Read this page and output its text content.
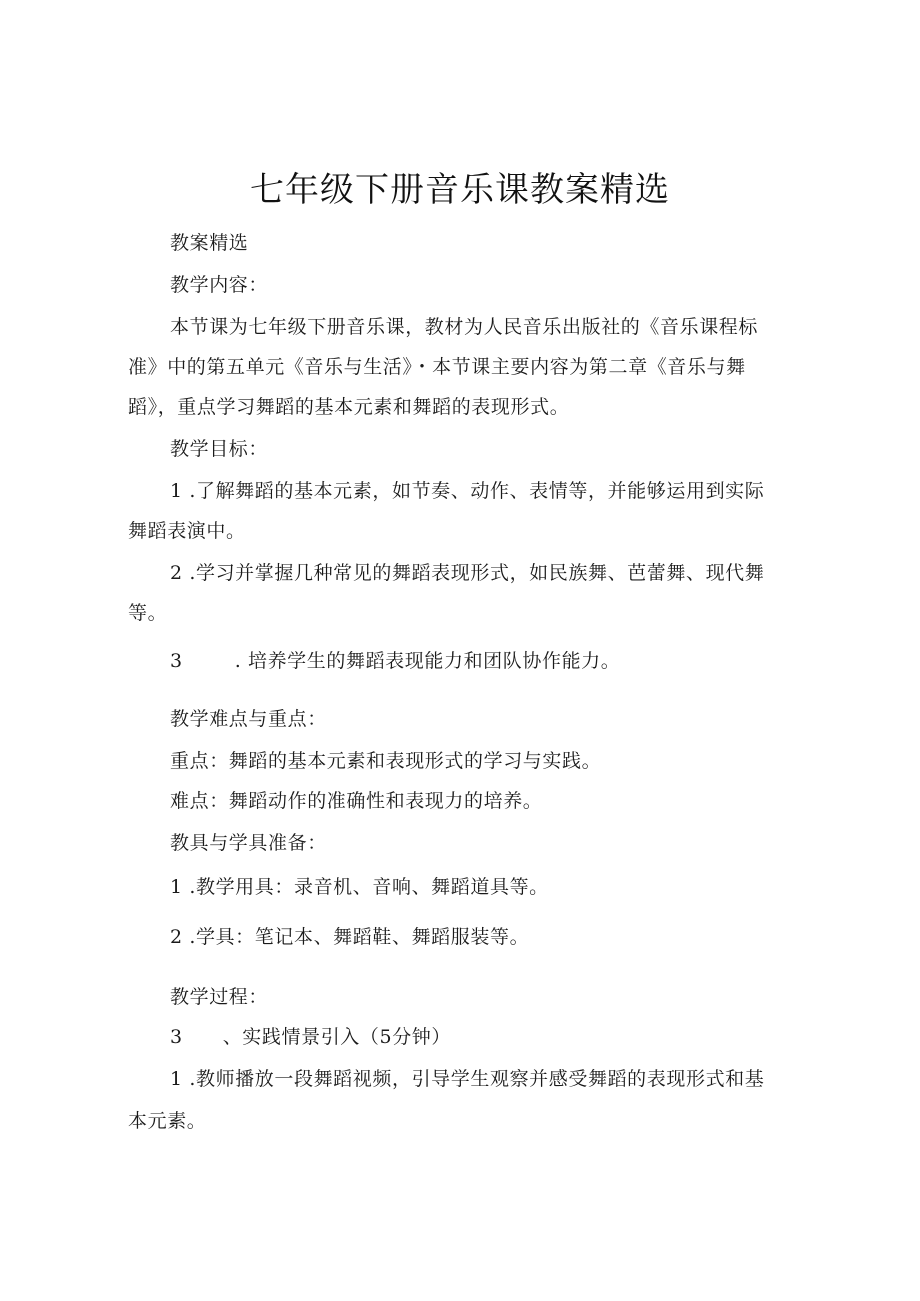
七年级下册音乐课教案精选
教案精选
教学内容：
本节课为七年级下册音乐课，教材为人民音乐出版社的《音乐课程标
准》中的第五单元《音乐与生活》・本节课主要内容为第二章《音乐与舞
蹈》，重点学习舞蹈的基本元素和舞蹈的表现形式。
教学目标：
1 .了解舞蹈的基本元素，如节奏、动作、表情等，并能够运用到实际
舞蹈表演中。
2 .学习并掌握几种常见的舞蹈表现形式，如民族舞、芭蕾舞、现代舞
等。
3	. 培养学生的舞蹈表现能力和团队协作能力。
教学难点与重点：
重点：舞蹈的基本元素和表现形式的学习与实践。
难点：舞蹈动作的准确性和表现力的培养。
教具与学具准备：
1 .教学用具：录音机、音响、舞蹈道具等。
2 .学具：笔记本、舞蹈鞋、舞蹈服装等。
教学过程：
3 、实践情景引入（5分钟）
1 .教师播放一段舞蹈视频，引导学生观察并感受舞蹈的表现形式和基
本元素。
